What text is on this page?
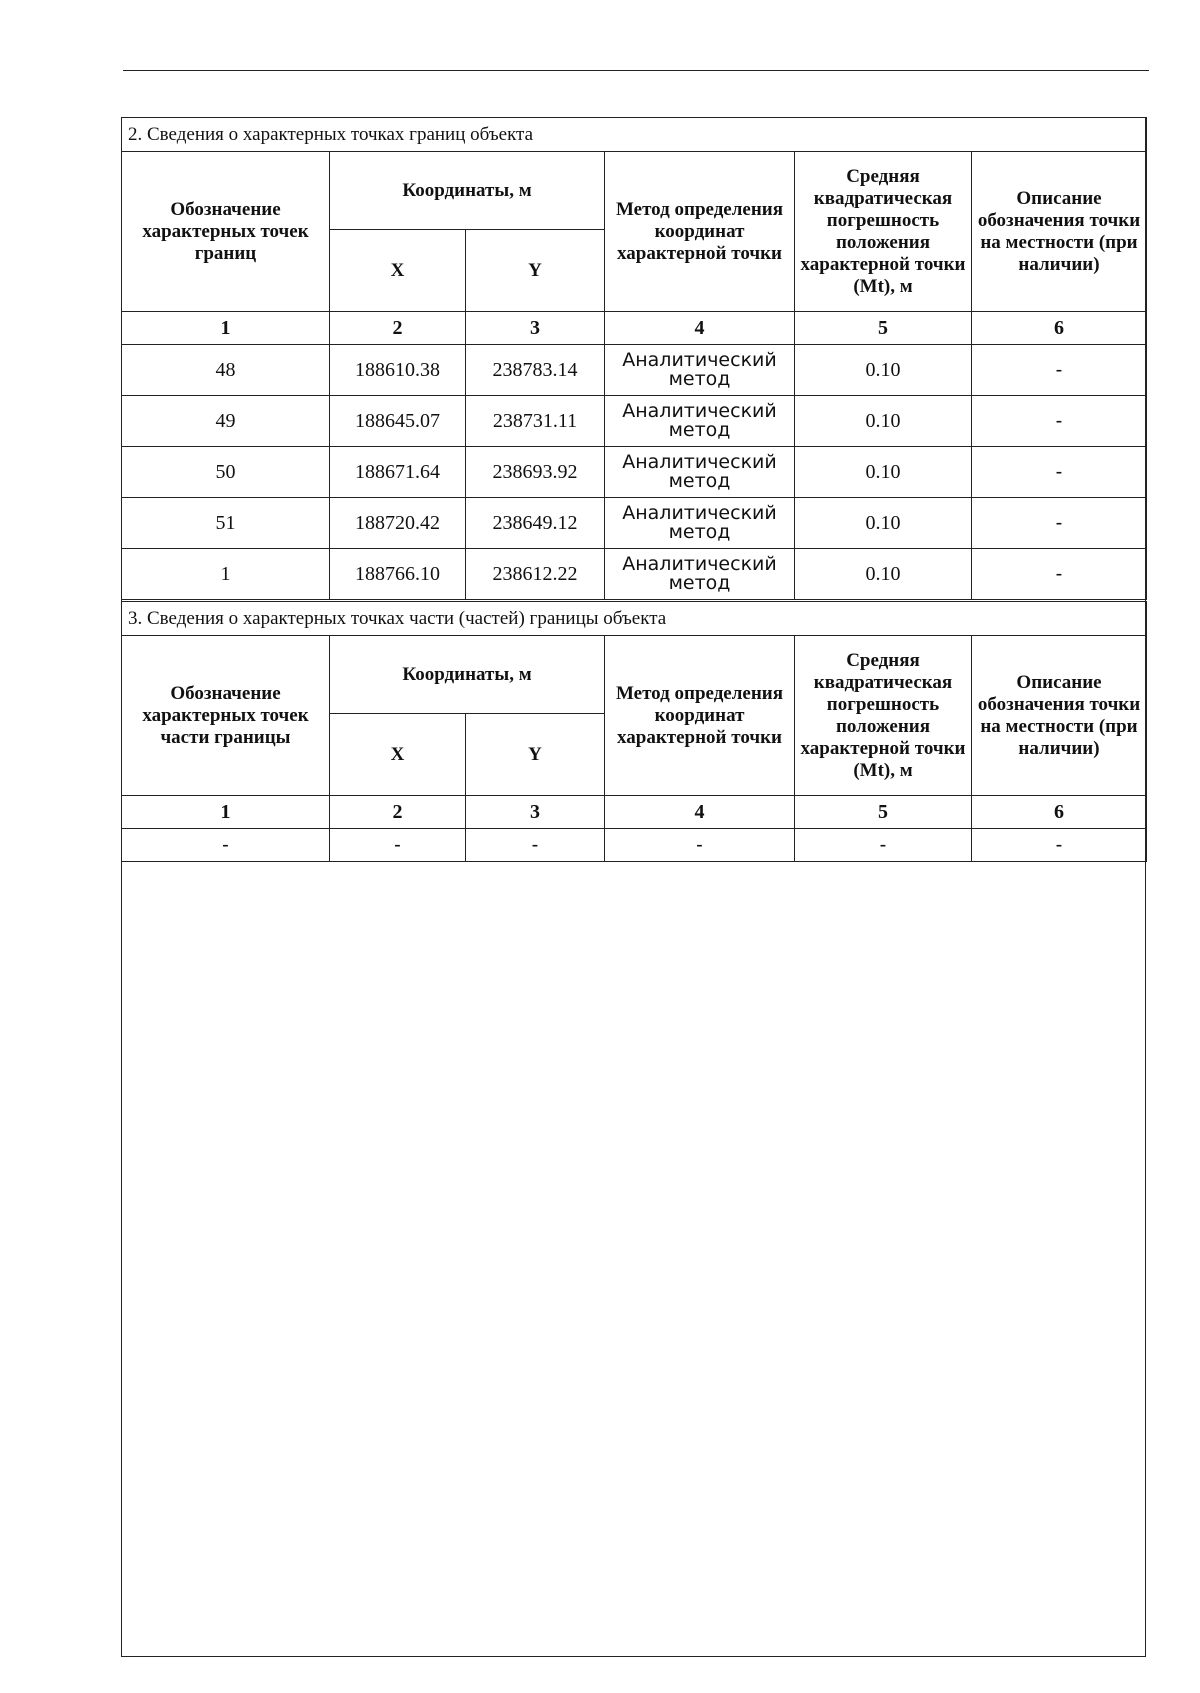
2. Сведения о характерных точках границ объекта					
Обозначение характерных точек границ	Координаты, м		Метод определения координат характерной точки	Средняя квадратическая погрешность положения характерной точки (Mt), м	Описание обозначения точки на местности (при наличии)
	X	Y			
1	2	3	4	5	6
48	188610.38	238783.14	Аналитический метод	0.10	-
49	188645.07	238731.11	Аналитический метод	0.10	-
50	188671.64	238693.92	Аналитический метод	0.10	-
51	188720.42	238649.12	Аналитический метод	0.10	-
1	188766.10	238612.22	Аналитический метод	0.10	-
3. Сведения о характерных точках части (частей) границы объекта					
Обозначение характерных точек части границы	Координаты, м		Метод определения координат характерной точки	Средняя квадратическая погрешность положения характерной точки (Mt), м	Описание обозначения точки на местности (при наличии)
	X	Y			
1	2	3	4	5	6
-	-	-	-	-	-
